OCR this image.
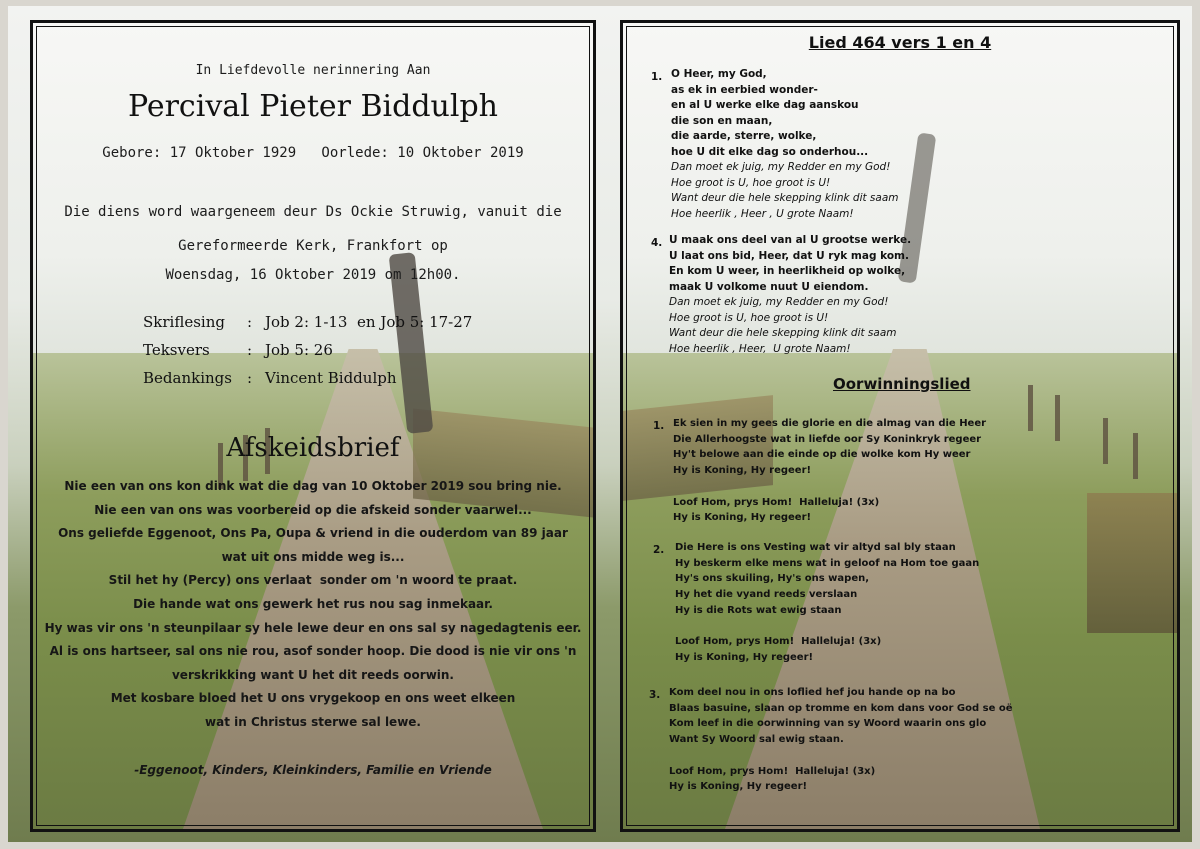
In Liefdevolle nerinnering Aan
Percival Pieter Biddulph
Gebore: 17 Oktober 1929   Oorlede: 10 Oktober 2019
Die diens word waargeneem deur Ds Ockie Struwig, vanuit die
Gereformeerde Kerk, Frankfort op
Woensdag, 16 Oktober 2019 om 12h00.
Skriflesing	: Job 2: 1-13  en Job 5: 17-27
Teksvers	: Job 5: 26
Bedankings	: Vincent Biddulph
Afskeidsbrief
Nie een van ons kon dink wat die dag van 10 Oktober 2019 sou bring nie.
Nie een van ons was voorbereid op die afskeid sonder vaarwel...
Ons geliefde Eggenoot, Ons Pa, Oupa & vriend in die ouderdom van 89 jaar
wat uit ons midde weg is...
Stil het hy (Percy) ons verlaat  sonder om 'n woord te praat.
Die hande wat ons gewerk het rus nou sag inmekaar.
Hy was vir ons 'n steunpilaar sy hele lewe deur en ons sal sy nagedagtenis eer.
Al is ons hartseer, sal ons nie rou, asof sonder hoop. Die dood is nie vir ons 'n
verskrikking want U het dit reeds oorwin.
Met kosbare bloed het U ons vrygekoop en ons weet elkeen
wat in Christus sterwe sal lewe.
-Eggenoot, Kinders, Kleinkinders, Familie en Vriende
Lied 464 vers 1 en 4
1. O Heer, my God,
as ek in eerbied wonder-
en al U werke elke dag aanskou
die son en maan,
die aarde, sterre, wolke,
hoe U dit elke dag so onderhou...
Dan moet ek juig, my Redder en my God!
Hoe groot is U, hoe groot is U!
Want deur die hele skepping klink dit saam
Hoe heerlik , Heer , U grote Naam!
4. U maak ons deel van al U grootse werke.
U laat ons bid, Heer, dat U ryk mag kom.
En kom U weer, in heerlikheid op wolke,
maak U volkome nuut U eiendom.
Dan moet ek juig, my Redder en my God!
Hoe groot is U, hoe groot is U!
Want deur die hele skepping klink dit saam
Hoe heerlik , Heer,  U grote Naam!
Oorwinningslied
1. Ek sien in my gees die glorie en die almag van die Heer
Die Allerhoogste wat in liefde oor Sy Koninkryk regeer
Hy't belowe aan die einde op die wolke kom Hy weer
Hy is Koning, Hy regeer!
Loof Hom, prys Hom!  Halleluja! (3x)
Hy is Koning, Hy regeer!
2. Die Here is ons Vesting wat vir altyd sal bly staan
Hy beskerm elke mens wat in geloof na Hom toe gaan
Hy's ons skuiling, Hy's ons wapen,
Hy het die vyand reeds verslaan
Hy is die Rots wat ewig staan
Loof Hom, prys Hom!  Halleluja! (3x)
Hy is Koning, Hy regeer!
3. Kom deel nou in ons loflied hef jou hande op na bo
Blaas basuine, slaan op tromme en kom dans voor God se oë
Kom leef in die oorwinning van sy Woord waarin ons glo
Want Sy Woord sal ewig staan.
Loof Hom, prys Hom!  Halleluja! (3x)
Hy is Koning, Hy regeer!
